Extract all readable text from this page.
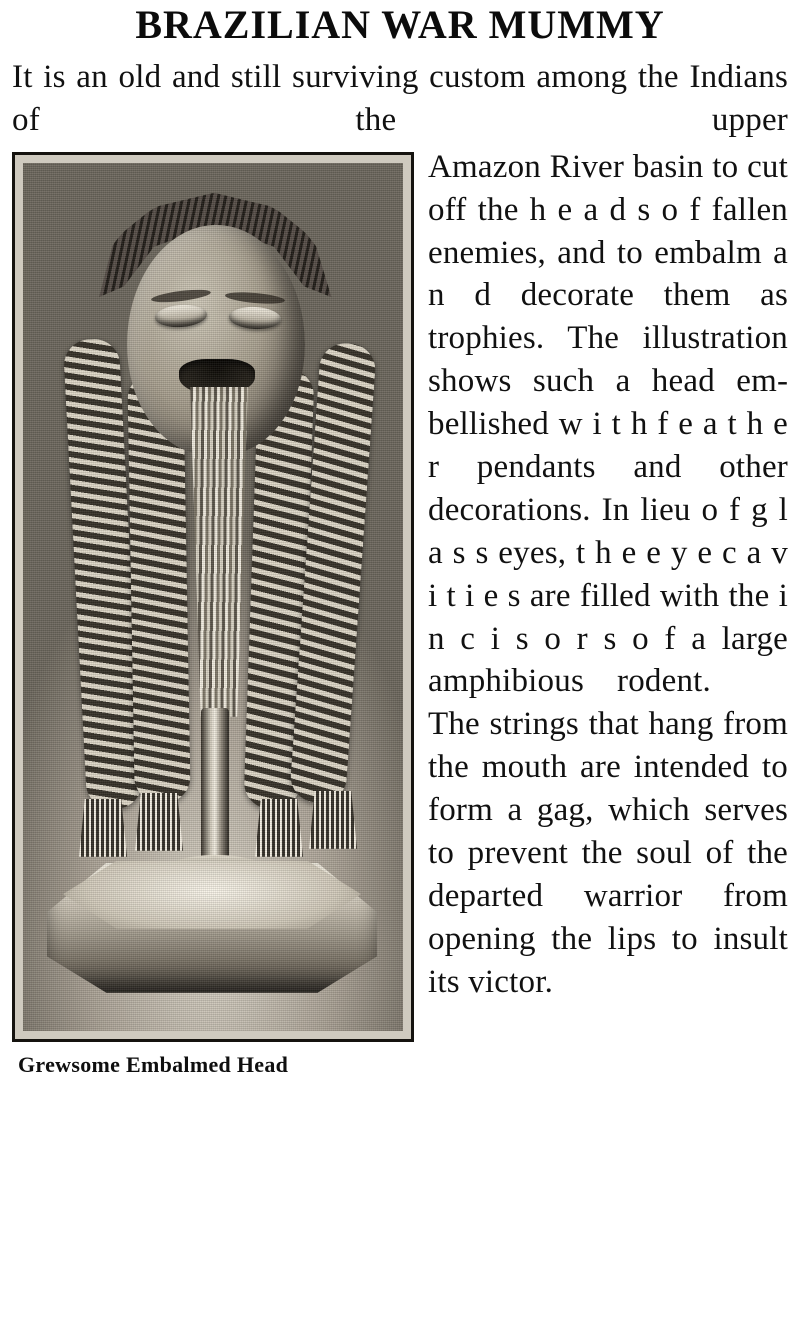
BRAZILIAN WAR MUMMY

It is an old and still surviving custom among the Indians of the upper

Grewsome Embalmed Head
Amazon River basin to cut off the h e a d s o f fallen enemies, and to embalm a n d decorate them as trophies. The illustration shows such a head embellished w i t h f e a t h e r pendants and other decorations. In lieu o f g l a s s eyes, t h e e y e c a v i t i e s are filled with the i n c i s o r s o f a large amphibious rodent. The strings that hang from the mouth are intended to form a gag, which serves to prevent the soul of the departed warrior from opening the lips to insult its victor.
